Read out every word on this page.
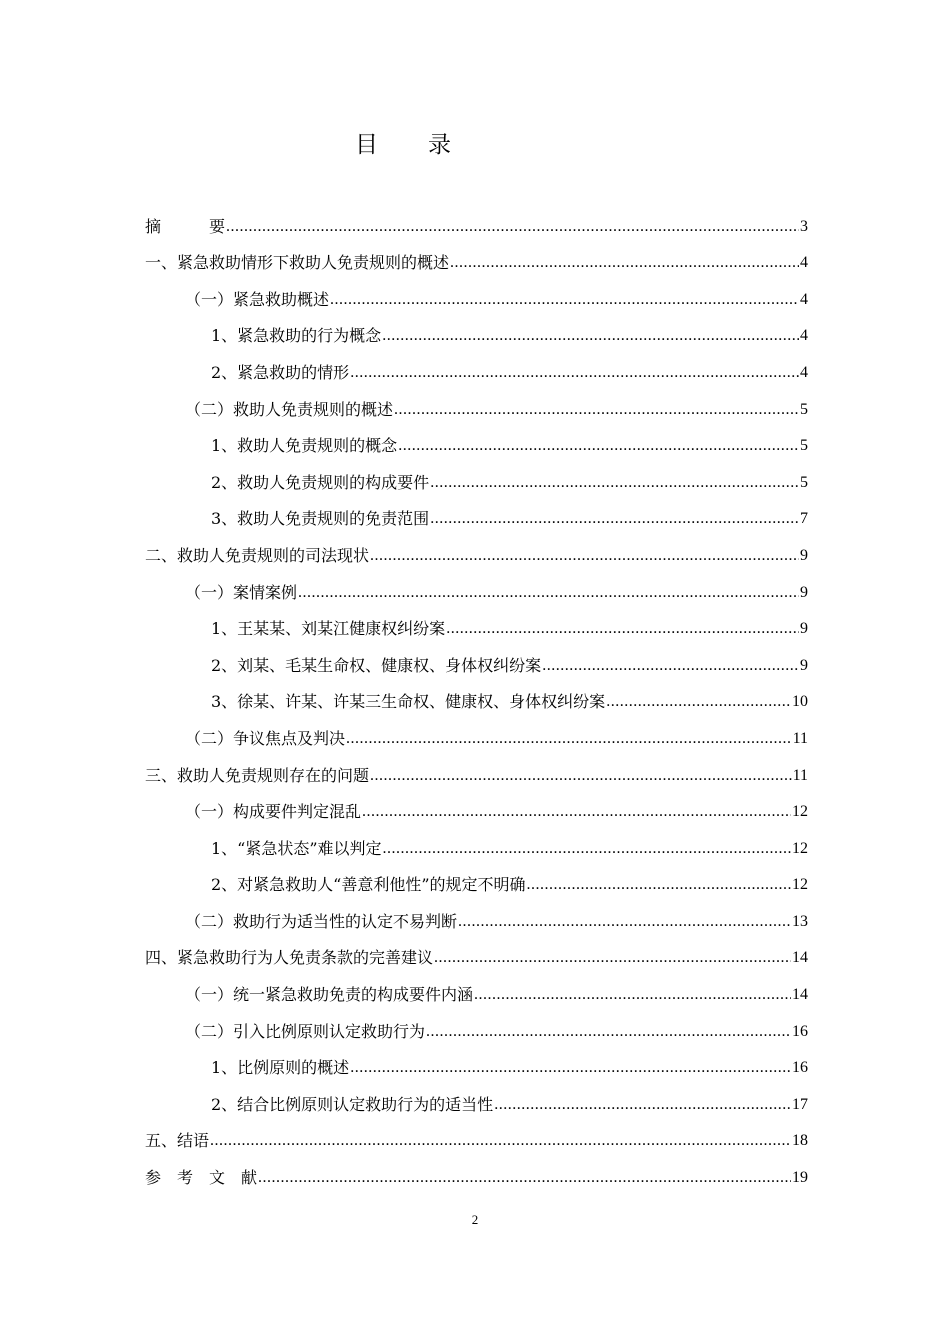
目录
摘　　　要 .....	3
一、紧急救助情形下救助人免责规则的概述 .....	4
（一）紧急救助概述 .....	4
1、紧急救助的行为概念 .....	4
2、紧急救助的情形 .....	4
（二）救助人免责规则的概述 .....	5
1、救助人免责规则的概念 .....	5
2、救助人免责规则的构成要件 .....	5
3、救助人免责规则的免责范围 .....	7
二、救助人免责规则的司法现状 .....	9
（一）案情案例 .....	9
1、王某某、刘某江健康权纠纷案 .....	9
2、刘某、毛某生命权、健康权、身体权纠纷案 .....	9
3、徐某、许某、许某三生命权、健康权、身体权纠纷案 .....	10
（二）争议焦点及判决 .....	11
三、救助人免责规则存在的问题 .....	11
（一）构成要件判定混乱 .....	12
1、“紧急状态”难以判定 .....	12
2、对紧急救助人“善意利他性”的规定不明确 .....	12
（二）救助行为适当性的认定不易判断 .....	13
四、紧急救助行为人免责条款的完善建议 .....	14
（一）统一紧急救助免责的构成要件内涵 .....	14
（二）引入比例原则认定救助行为 .....	16
1、比例原则的概述 .....	16
2、结合比例原则认定救助行为的适当性 .....	17
五、结语 .....	18
参　考　文　献 .....	19
2
